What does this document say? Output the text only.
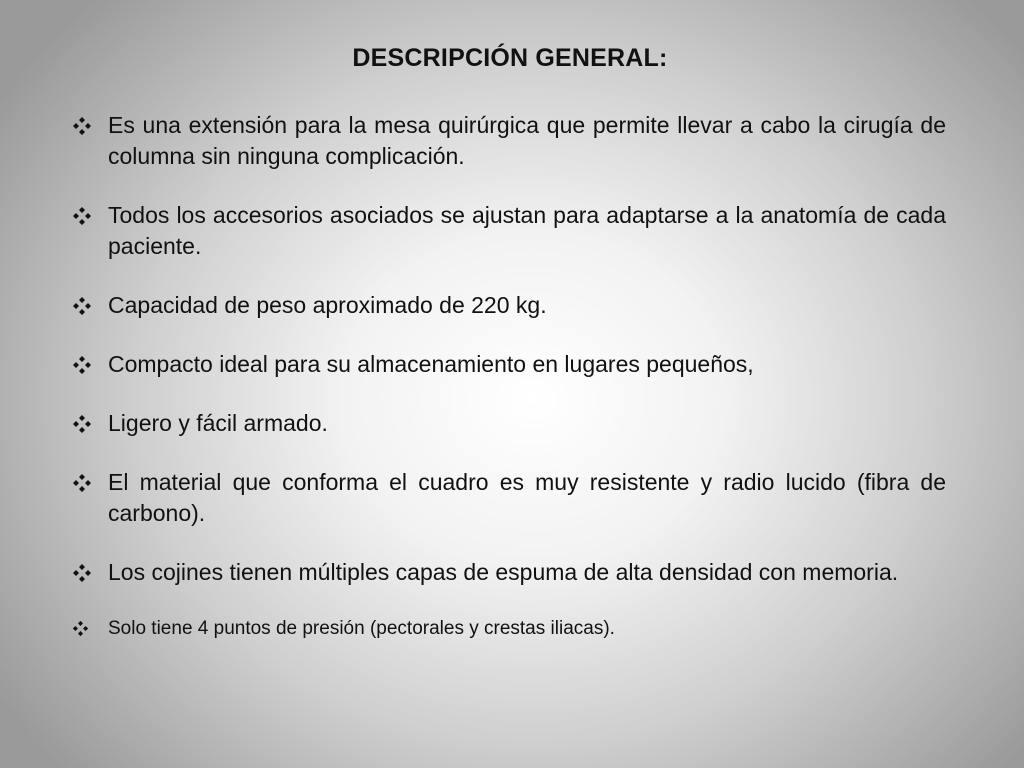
DESCRIPCIÓN GENERAL:
Es una extensión para la mesa quirúrgica que permite llevar a cabo la cirugía de columna sin ninguna complicación.
Todos los accesorios asociados se ajustan para adaptarse a la anatomía de cada paciente.
Capacidad de peso aproximado de 220 kg.
Compacto ideal para su almacenamiento en lugares pequeños,
Ligero y fácil armado.
El material que conforma el cuadro es muy resistente y radio lucido (fibra de carbono).
Los cojines tienen múltiples capas de espuma de alta densidad con memoria.
Solo tiene 4 puntos de presión (pectorales y crestas iliacas).
